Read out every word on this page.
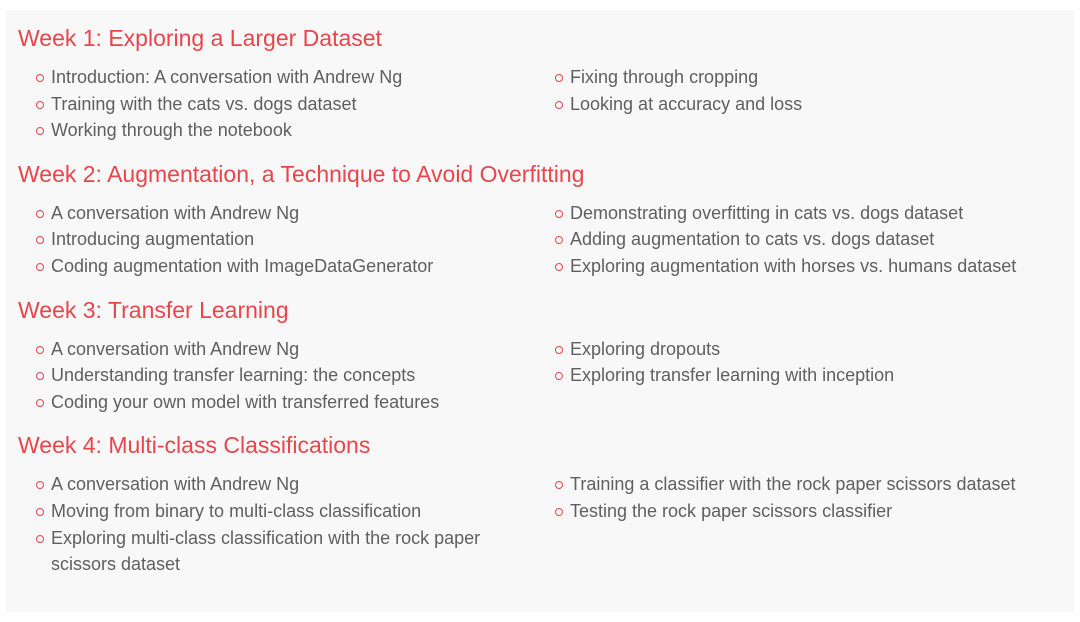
Week 1: Exploring a Larger Dataset
Introduction: A conversation with Andrew Ng
Training with the cats vs. dogs dataset
Working through the notebook
Fixing through cropping
Looking at accuracy and loss
Week 2: Augmentation, a Technique to Avoid Overfitting
A conversation with Andrew Ng
Introducing augmentation
Coding augmentation with ImageDataGenerator
Demonstrating overfitting in cats vs. dogs dataset
Adding augmentation to cats vs. dogs dataset
Exploring augmentation with horses vs. humans dataset
Week 3: Transfer Learning
A conversation with Andrew Ng
Understanding transfer learning: the concepts
Coding your own model with transferred features
Exploring dropouts
Exploring transfer learning with inception
Week 4: Multi-class Classifications
A conversation with Andrew Ng
Moving from binary to multi-class classification
Exploring multi-class classification with the rock paper scissors dataset
Training a classifier with the rock paper scissors dataset
Testing the rock paper scissors classifier
